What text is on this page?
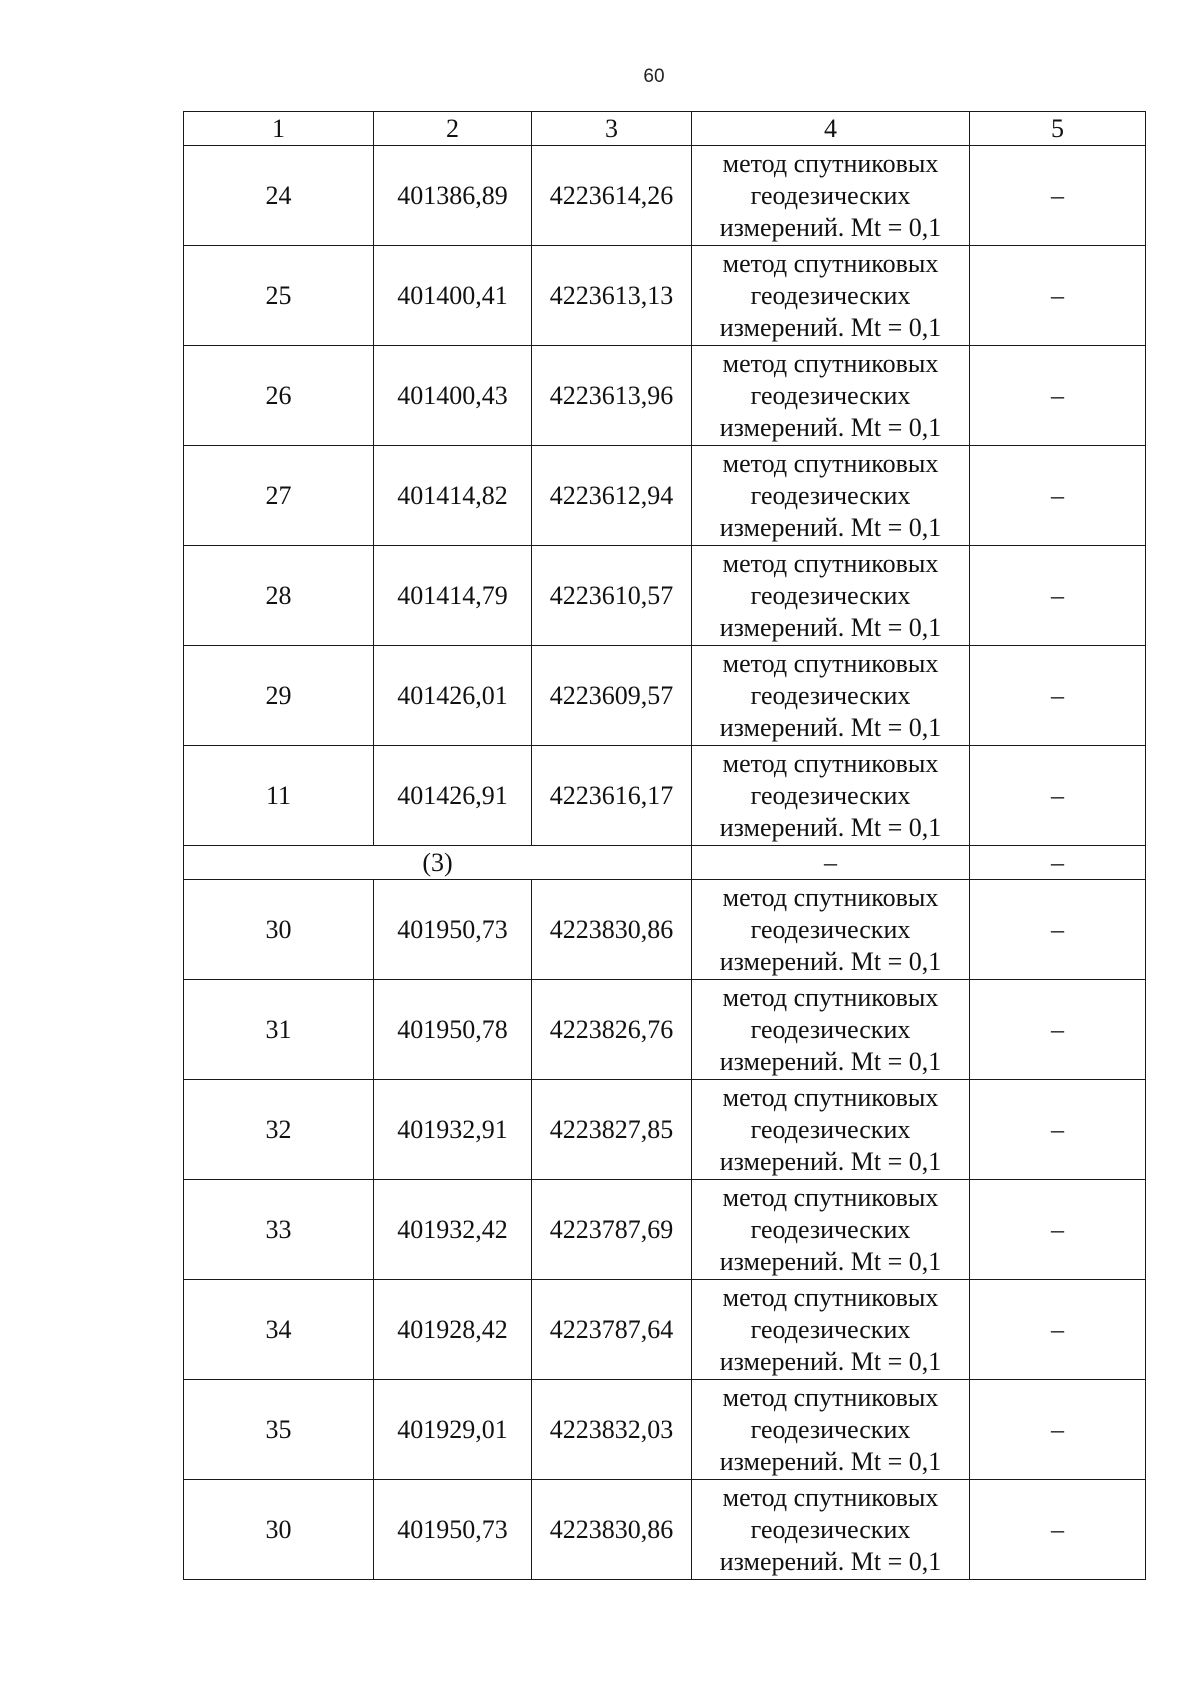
60
1	2	3	4	5
24	401386,89	4223614,26	метод спутниковых
геодезических
измерений. Mt = 0,1	–
25	401400,41	4223613,13	метод спутниковых
геодезических
измерений. Mt = 0,1	–
26	401400,43	4223613,96	метод спутниковых
геодезических
измерений. Mt = 0,1	–
27	401414,82	4223612,94	метод спутниковых
геодезических
измерений. Mt = 0,1	–
28	401414,79	4223610,57	метод спутниковых
геодезических
измерений. Mt = 0,1	–
29	401426,01	4223609,57	метод спутниковых
геодезических
измерений. Mt = 0,1	–
11	401426,91	4223616,17	метод спутниковых
геодезических
измерений. Mt = 0,1	–
(3)			–	–
30	401950,73	4223830,86	метод спутниковых
геодезических
измерений. Mt = 0,1	–
31	401950,78	4223826,76	метод спутниковых
геодезических
измерений. Mt = 0,1	–
32	401932,91	4223827,85	метод спутниковых
геодезических
измерений. Mt = 0,1	–
33	401932,42	4223787,69	метод спутниковых
геодезических
измерений. Mt = 0,1	–
34	401928,42	4223787,64	метод спутниковых
геодезических
измерений. Mt = 0,1	–
35	401929,01	4223832,03	метод спутниковых
геодезических
измерений. Mt = 0,1	–
30	401950,73	4223830,86	метод спутниковых
геодезических
измерений. Mt = 0,1	–
